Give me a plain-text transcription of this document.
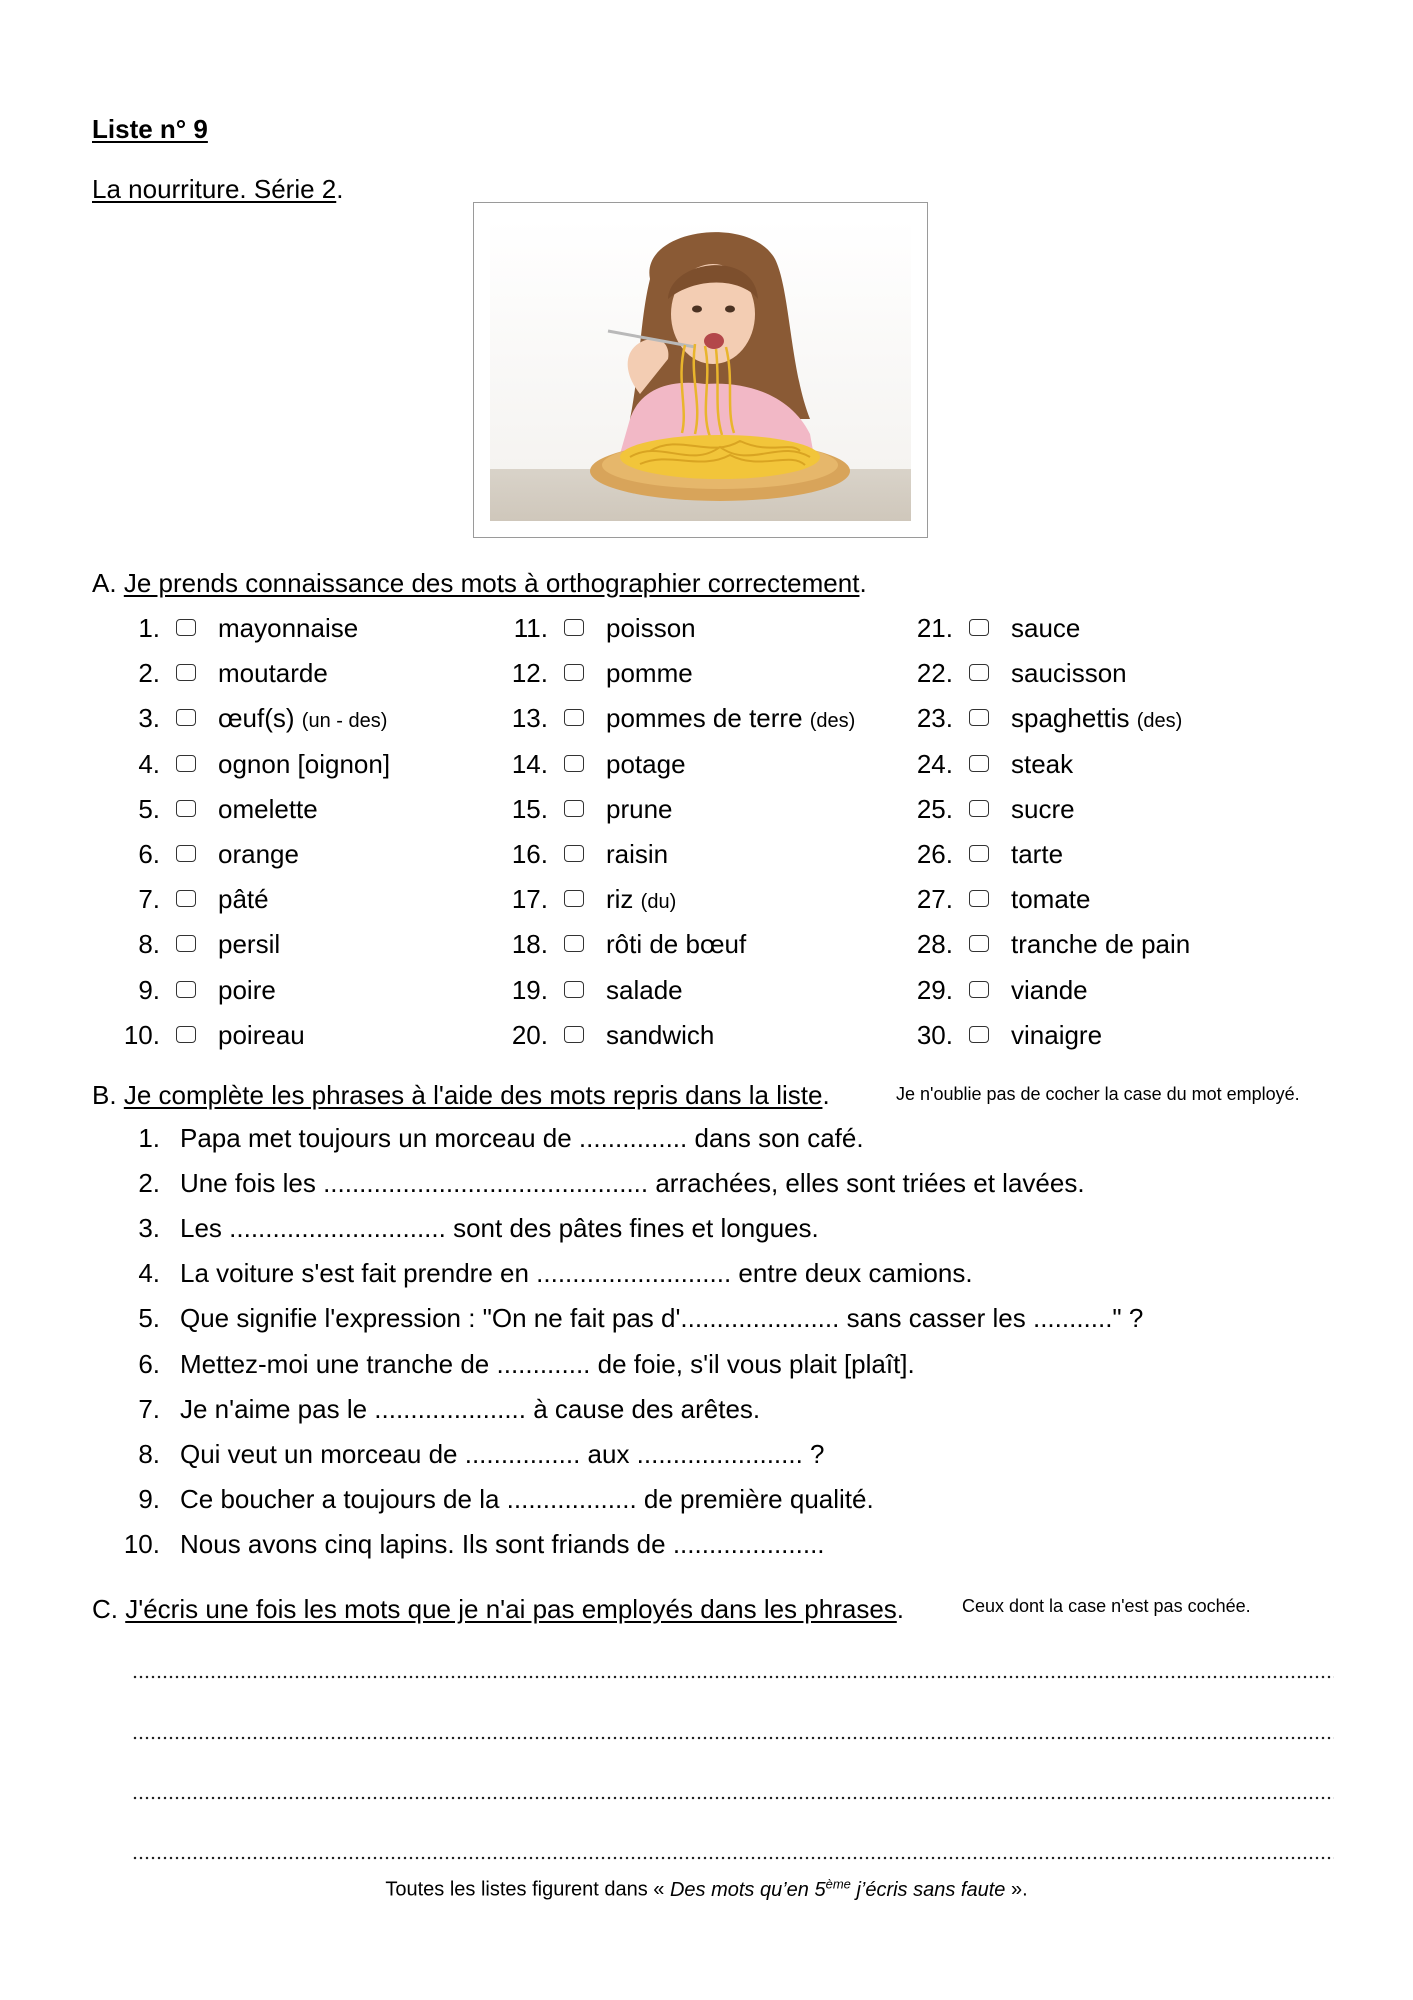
Liste n° 9
La nourriture. Série 2.
A. Je prends connaissance des mots à orthographier correctement.
1. mayonnaise
2. moutarde
3. œuf(s) (un - des)
4. ognon [oignon]
5. omelette
6. orange
7. pâté
8. persil
9. poire
10. poireau
11. poisson
12. pomme
13. pommes de terre (des)
14. potage
15. prune
16. raisin
17. riz (du)
18. rôti de bœuf
19. salade
20. sandwich
21. sauce
22. saucisson
23. spaghettis (des)
24. steak
25. sucre
26. tarte
27. tomate
28. tranche de pain
29. viande
30. vinaigre
B. Je complète les phrases à l'aide des mots repris dans la liste.	Je n'oublie pas de cocher la case du mot employé.
1. Papa met toujours un morceau de ............... dans son café.
2. Une fois les ............................................. arrachées, elles sont triées et lavées.
3. Les .............................. sont des pâtes fines et longues.
4. La voiture s'est fait prendre en ........................... entre deux camions.
5. Que signifie l'expression : "On ne fait pas d'...................... sans casser les ..........." ?
6. Mettez-moi une tranche de ............. de foie, s'il vous plait [plaît].
7. Je n'aime pas le ..................... à cause des arêtes.
8. Qui veut un morceau de ................ aux ....................... ?
9. Ce boucher a toujours de la .................. de première qualité.
10. Nous avons cinq lapins. Ils sont friands de .....................
C. J'écris une fois les mots que je n'ai pas employés dans les phrases.	Ceux dont la case n'est pas cochée.
Toutes les listes figurent dans « Des mots qu’en 5ème j’écris sans faute ».
